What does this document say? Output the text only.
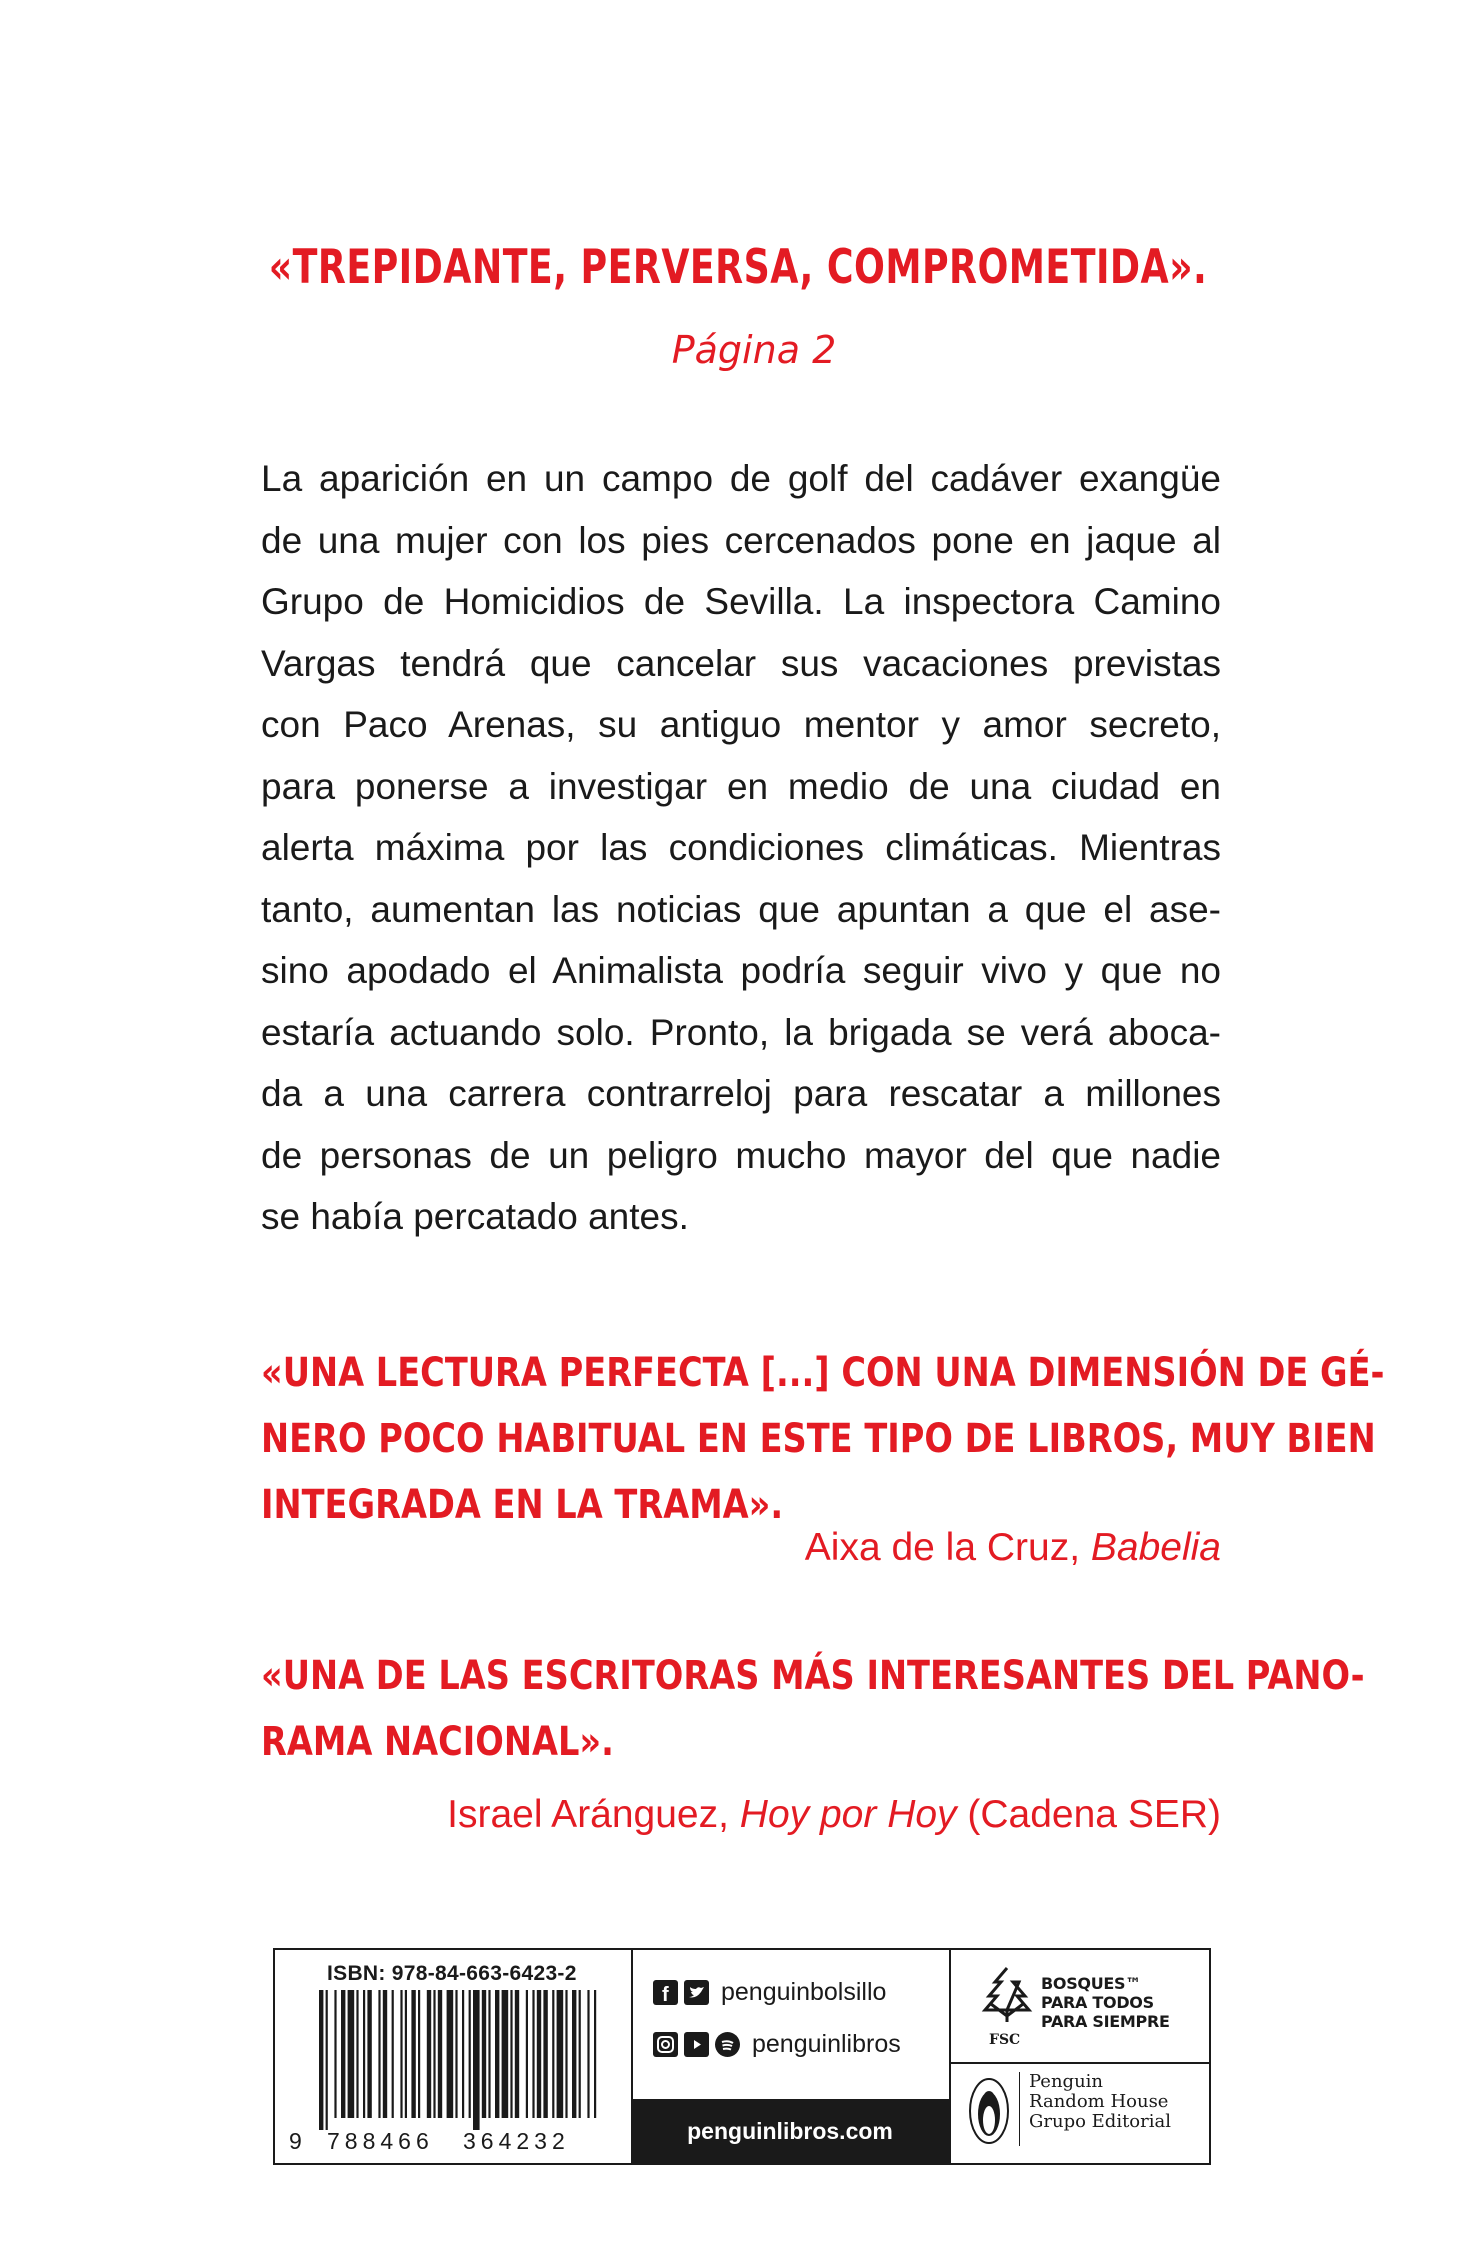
«TREPIDANTE, PERVERSA, COMPROMETIDA».
Página 2
La aparición en un campo de golf del cadáver exangüe
de una mujer con los pies cercenados pone en jaque al
Grupo de Homicidios de Sevilla. La inspectora Camino
Vargas tendrá que cancelar sus vacaciones previstas
con Paco Arenas, su antiguo mentor y amor secreto,
para ponerse a investigar en medio de una ciudad en
alerta máxima por las condiciones climáticas. Mientras
tanto, aumentan las noticias que apuntan a que el ase-
sino apodado el Animalista podría seguir vivo y que no
estaría actuando solo. Pronto, la brigada se verá aboca-
da a una carrera contrarreloj para rescatar a millones
de personas de un peligro mucho mayor del que nadie
se había percatado antes.
«UNA LECTURA PERFECTA [...] CON UNA DIMENSIÓN DE GÉ-
NERO POCO HABITUAL EN ESTE TIPO DE LIBROS, MUY BIEN
INTEGRADA EN LA TRAMA».
Aixa de la Cruz, Babelia
«UNA DE LAS ESCRITORAS MÁS INTERESANTES DEL PANO-
RAMA NACIONAL».
Israel Aránguez, Hoy por Hoy (Cadena SER)
ISBN: 978-84-663-6423-2
9 788466 364232
f penguinbolsillo
penguinlibros
penguinlibros.com
BOSQUES™
PARA TODOS
PARA SIEMPRE
FSC
Penguin
Random House
Grupo Editorial
